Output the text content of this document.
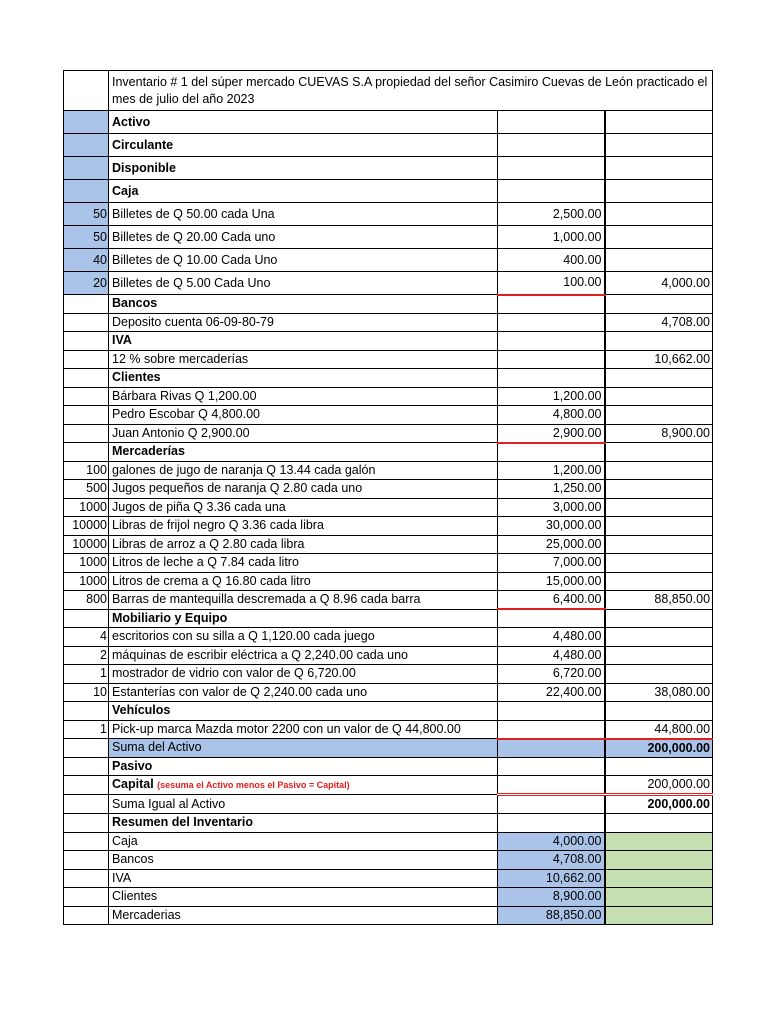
	Inventario # 1 del súper mercado CUEVAS S.A propiedad del señor Casimiro Cuevas de León practicado el mes de julio del año 2023		
	Activo		
	Circulante		
	Disponible		
	Caja		
50	Billetes de Q 50.00 cada Una	2,500.00	
50	Billetes de Q 20.00 Cada uno	1,000.00	
40	Billetes de Q 10.00 Cada Uno	400.00	
20	Billetes de Q 5.00 Cada Uno	100.00	4,000.00
	Bancos		
	Deposito cuenta 06-09-80-79		4,708.00
	IVA		
	12 % sobre mercaderías		10,662.00
	Clientes		
	Bárbara Rivas Q 1,200.00	1,200.00	
	Pedro Escobar Q 4,800.00	4,800.00	
	Juan Antonio Q 2,900.00	2,900.00	8,900.00
	Mercaderías		
100	galones de jugo de naranja Q 13.44 cada galón	1,200.00	
500	Jugos pequeños de naranja Q 2.80 cada uno	1,250.00	
1000	Jugos de piña Q 3.36 cada una	3,000.00	
10000	Libras de frijol negro Q 3.36 cada libra	30,000.00	
10000	Libras de arroz a Q 2.80 cada libra	25,000.00	
1000	Litros de leche a Q 7.84 cada litro	7,000.00	
1000	Litros de crema a Q 16.80 cada litro	15,000.00	
800	Barras de mantequilla descremada a Q 8.96 cada barra	6,400.00	88,850.00
	Mobiliario y Equipo		
4	escritorios con su silla a Q 1,120.00 cada juego	4,480.00	
2	máquinas de escribir eléctrica a Q 2,240.00 cada uno	4,480.00	
1	mostrador de vidrio con valor de Q 6,720.00	6,720.00	
10	Estanterías con valor de Q 2,240.00 cada uno	22,400.00	38,080.00
	Vehículos		
1	Pick-up marca Mazda motor 2200 con un valor de Q 44,800.00		44,800.00
	Suma del Activo		200,000.00
	Pasivo		
	Capital (sesuma el Activo menos el Pasivo = Capital)		200,000.00
	Suma Igual al Activo		200,000.00
	Resumen del Inventario		
	Caja	4,000.00	
	Bancos	4,708.00	
	IVA	10,662.00	
	Clientes	8,900.00	
	Mercaderias	88,850.00	
